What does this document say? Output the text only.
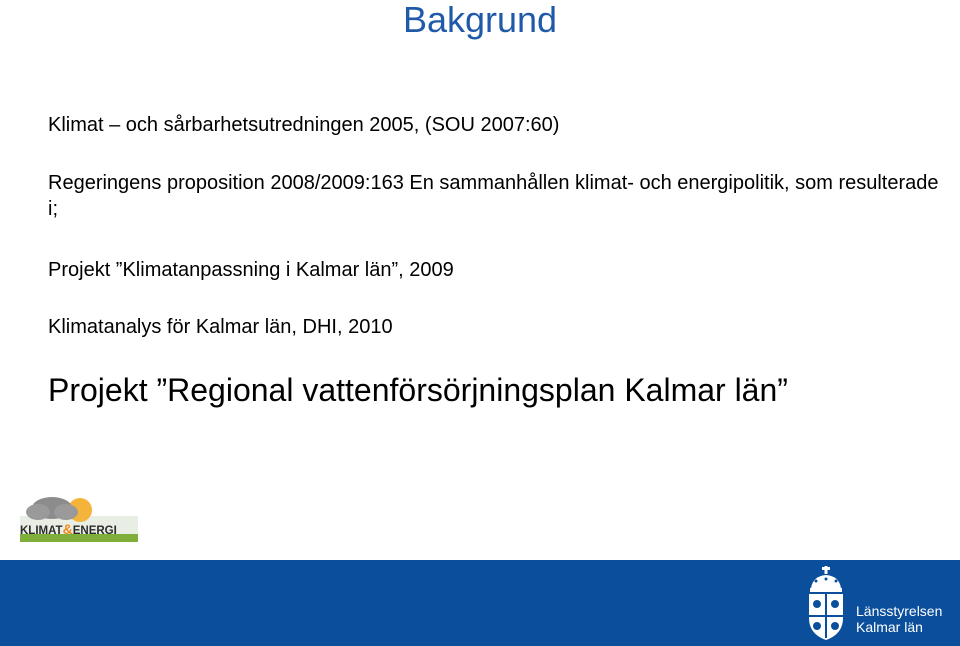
Bakgrund
Klimat – och sårbarhetsutredningen 2005, (SOU 2007:60)
Regeringens proposition 2008/2009:163 En sammanhållen klimat- och energipolitik, som resulterade i;
Projekt ”Klimatanpassning i Kalmar län”, 2009
Klimatanalys för Kalmar län, DHI, 2010
Projekt ”Regional vattenförsörjningsplan Kalmar län”
KLIMAT&ENERGI
Länsstyrelsen
Kalmar län
